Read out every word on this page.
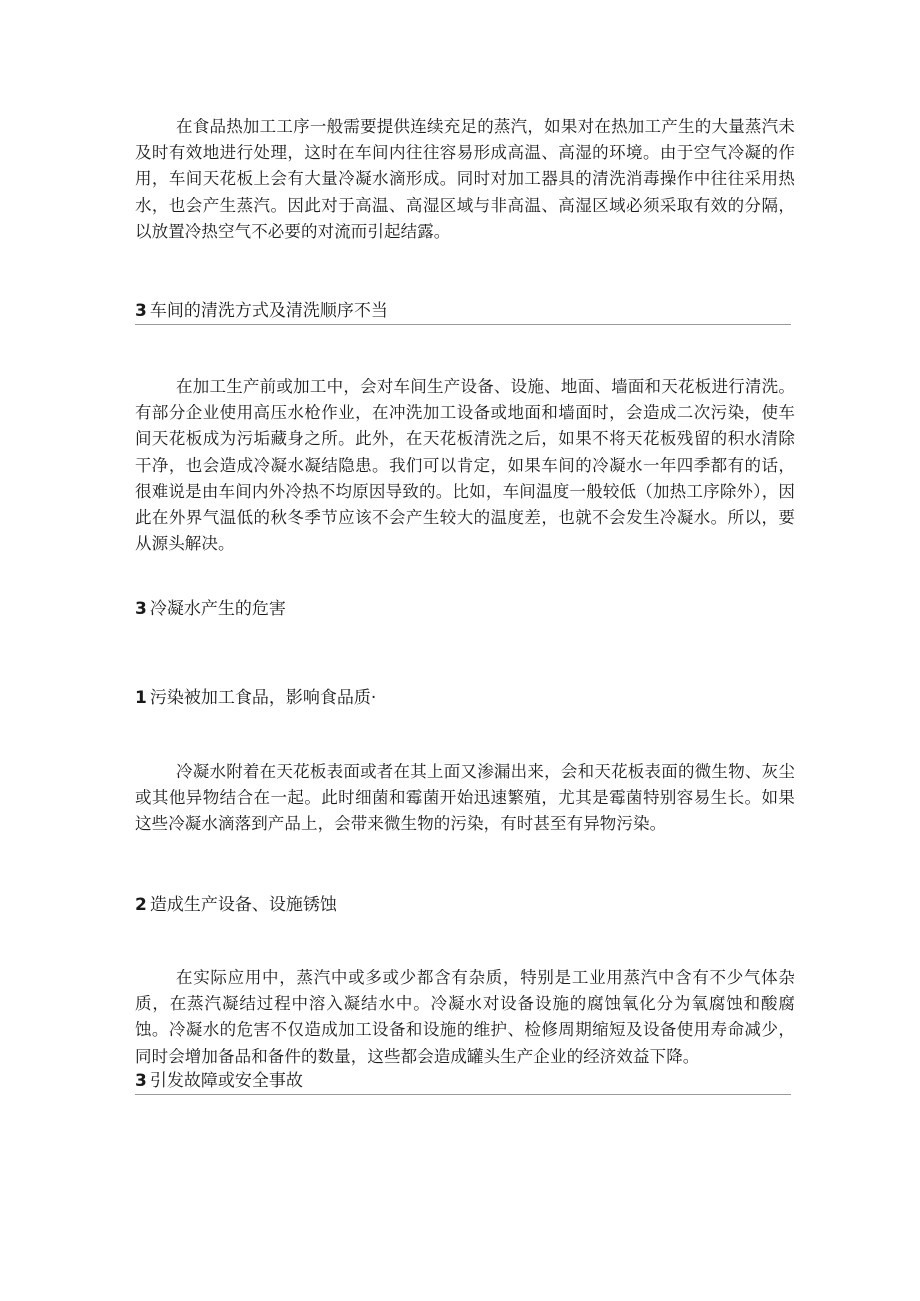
在食品热加工工序一般需要提供连续充足的蒸汽，如果对在热加工产生的大量蒸汽未及时有效地进行处理，这时在车间内往往容易形成高温、高湿的环境。由于空气冷凝的作用，车间天花板上会有大量冷凝水滴形成。同时对加工器具的清洗消毒操作中往往采用热水，也会产生蒸汽。因此对于高温、高湿区域与非高温、高湿区域必须采取有效的分隔，以放置冷热空气不必要的对流而引起结露。

3 车间的清洗方式及清洗顺序不当

在加工生产前或加工中，会对车间生产设备、设施、地面、墙面和天花板进行清洗。有部分企业使用高压水枪作业，在冲洗加工设备或地面和墙面时，会造成二次污染，使车间天花板成为污垢藏身之所。此外，在天花板清洗之后，如果不将天花板残留的积水清除干净，也会造成冷凝水凝结隐患。我们可以肯定，如果车间的冷凝水一年四季都有的话，很难说是由车间内外冷热不均原因导致的。比如，车间温度一般较低（加热工序除外），因此在外界气温低的秋冬季节应该不会产生较大的温度差，也就不会发生冷凝水。所以，要从源头解决。

3 冷凝水产生的危害
1 污染被加工食品，影响食品质·

冷凝水附着在天花板表面或者在其上面又渗漏出来，会和天花板表面的微生物、灰尘或其他异物结合在一起。此时细菌和霉菌开始迅速繁殖，尤其是霉菌特别容易生长。如果这些冷凝水滴落到产品上，会带来微生物的污染，有时甚至有异物污染。

2 造成生产设备、设施锈蚀

在实际应用中，蒸汽中或多或少都含有杂质，特别是工业用蒸汽中含有不少气体杂质，在蒸汽凝结过程中溶入凝结水中。冷凝水对设备设施的腐蚀氧化分为氧腐蚀和酸腐蚀。冷凝水的危害不仅造成加工设备和设施的维护、检修周期缩短及设备使用寿命减少，同时会增加备品和备件的数量，这些都会造成罐头生产企业的经济效益下降。

3 引发故障或安全事故
